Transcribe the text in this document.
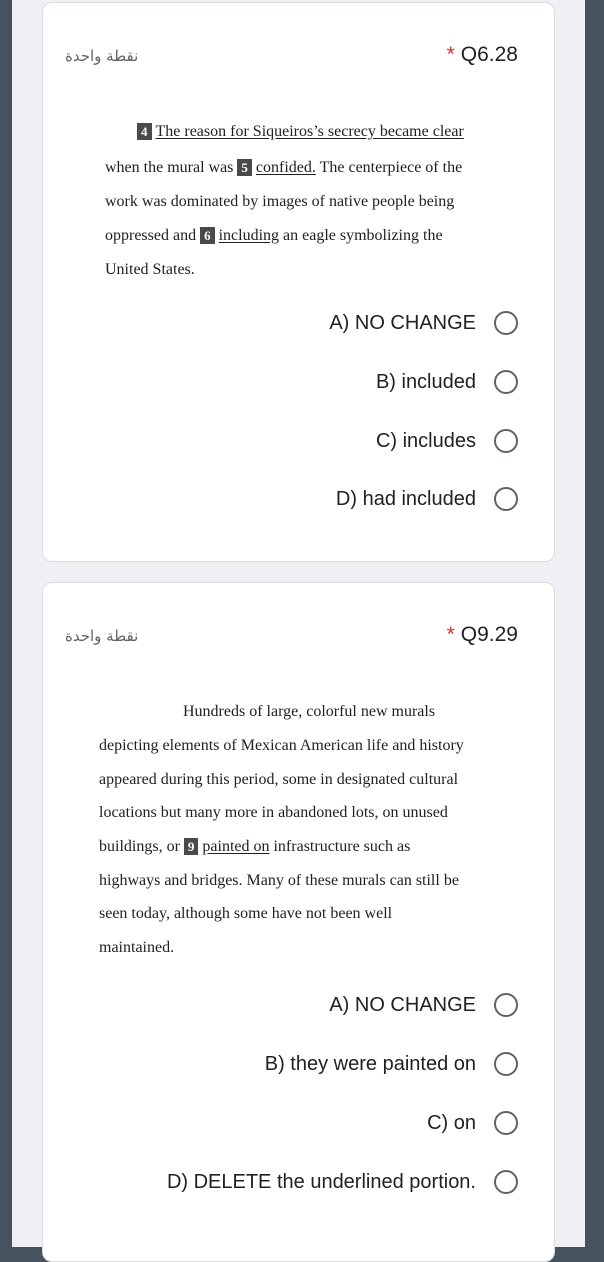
نقطة واحدة	* Q6.28
4 The reason for Siqueiros’s secrecy became clear
when the mural was 5 confided. The centerpiece of the
work was dominated by images of native people being
oppressed and 6 including an eagle symbolizing the
United States.
A) NO CHANGE
B) included
C) includes
D) had included
نقطة واحدة	* Q9.29
Hundreds of large, colorful new murals
depicting elements of Mexican American life and history
appeared during this period, some in designated cultural
locations but many more in abandoned lots, on unused
buildings, or 9 painted on infrastructure such as
highways and bridges. Many of these murals can still be
seen today, although some have not been well
maintained.
A) NO CHANGE
B) they were painted on
C) on
D) DELETE the underlined portion.
